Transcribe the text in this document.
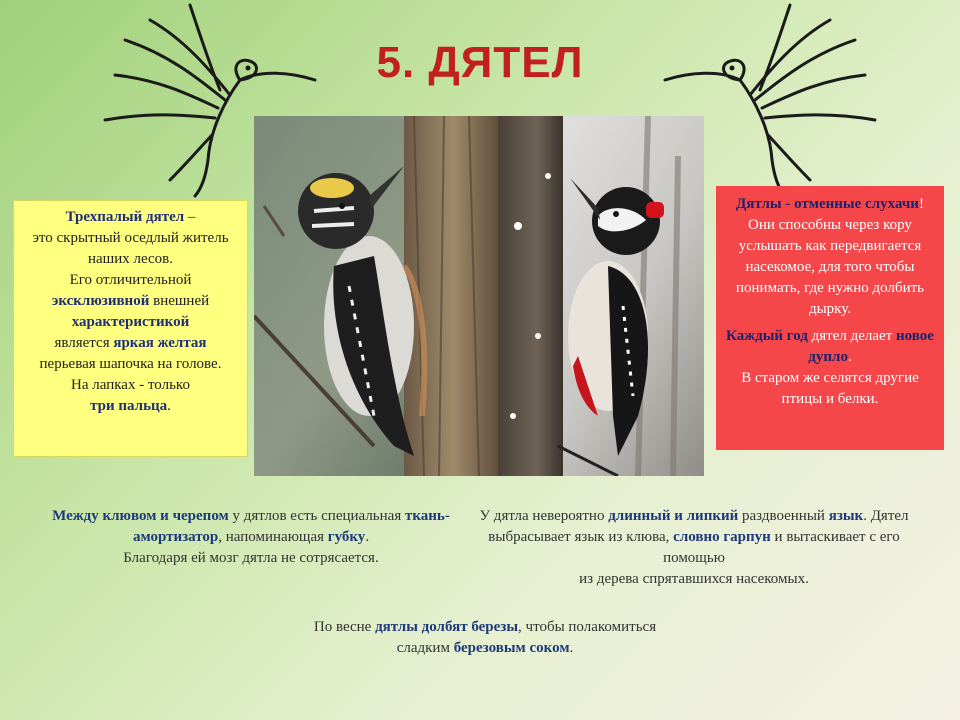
5. ДЯТЕЛ
Трехпалый дятел –
это скрытный оседлый житель наших лесов.
Его отличительной
эксклюзивной внешней
характеристикой
является яркая желтая
перьевая шапочка на голове.
На лапках - только
три пальца.
Дятлы - отменные слухачи! Они способны через кору услышать как передвигается насекомое, для того чтобы понимать, где нужно долбить дырку.
Каждый год дятел делает новое дупло.
В старом же селятся другие птицы и белки.
Между клювом и черепом у дятлов есть специальная ткань-амортизатор, напоминающая губку.
Благодаря ей мозг дятла не сотрясается.
У дятла невероятно длинный и липкий раздвоенный язык. Дятел выбрасывает язык из клюва, словно гарпун и вытаскивает с его помощью
из дерева спрятавшихся насекомых.
По весне дятлы долбят березы, чтобы полакомиться
сладким березовым соком.
